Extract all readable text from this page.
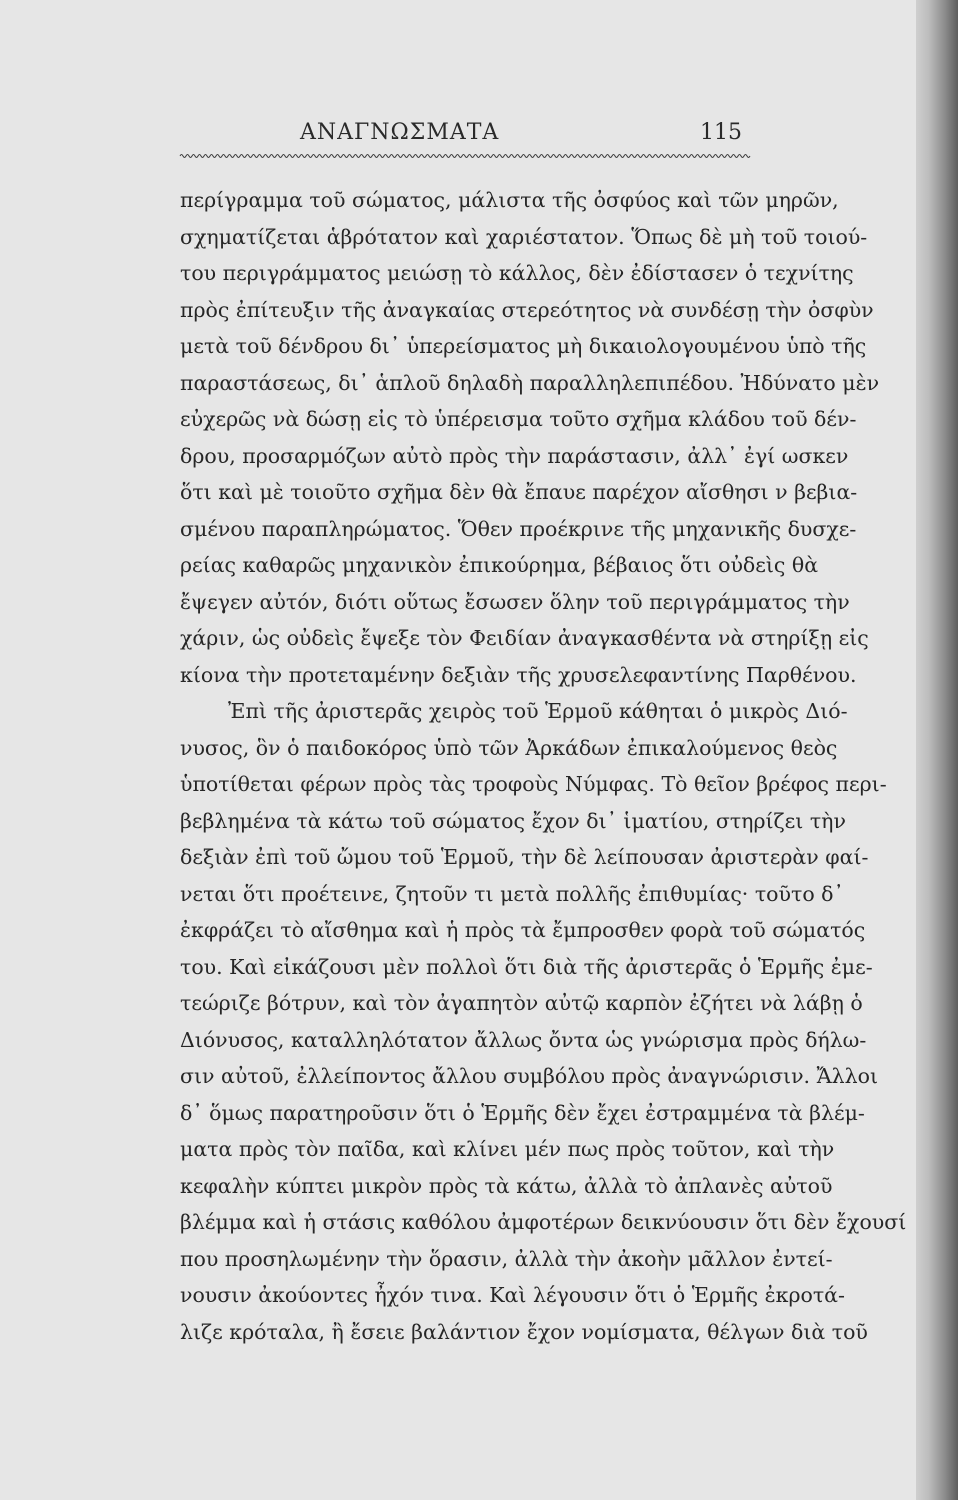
ΑΝΑΓΝΩΣΜΑΤΑ	115
περίγραμμα τοῦ σώματος, μάλιστα τῆς ὀσφύος καὶ τῶν μηρῶν,
σχηματίζεται ἁβρότατον καὶ χαριέστατον. Ὅπως δὲ μὴ τοῦ τοιού-
του περιγράμματος μειώσῃ τὸ κάλλος, δὲν ἐδίστασεν ὁ τεχνίτης
πρὸς ἐπίτευξιν τῆς ἀναγκαίας στερεότητος νὰ συνδέσῃ τὴν ὀσφὺν
μετὰ τοῦ δένδρου δι᾽ ὑπερείσματος μὴ δικαιολογουμένου ὑπὸ τῆς
παραστάσεως, δι᾽ ἁπλοῦ δηλαδὴ παραλληλεπιπέδου. Ἠδύνατο μὲν
εὐχερῶς νὰ δώσῃ εἰς τὸ ὑπέρεισμα τοῦτο σχῆμα κλάδου τοῦ δέν-
δρου, προσαρμόζων αὐτὸ πρὸς τὴν παράστασιν, ἀλλ᾽ ἐγί ωσκεν
ὅτι καὶ μὲ τοιοῦτο σχῆμα δὲν θὰ ἔπαυε παρέχον αἴσθησι ν βεβια-
σμένου παραπληρώματος. Ὅθεν προέκρινε τῆς μηχανικῆς δυσχε-
ρείας καθαρῶς μηχανικὸν ἐπικούρημα, βέβαιος ὅτι οὐδεὶς θὰ
ἔψεγεν αὐτόν, διότι οὕτως ἔσωσεν ὅλην τοῦ περιγράμματος τὴν
χάριν, ὡς οὐδεὶς ἔψεξε τὸν Φειδίαν ἀναγκασθέντα νὰ στηρίξῃ εἰς
κίονα τὴν προτεταμένην δεξιὰν τῆς χρυσελεφαντίνης Παρθένου.
Ἐπὶ τῆς ἀριστερᾶς χειρὸς τοῦ Ἑρμοῦ κάθηται ὁ μικρὸς Διό-
νυσος, ὃν ὁ παιδοκόρος ὑπὸ τῶν Ἀρκάδων ἐπικαλούμενος θεὸς
ὑποτίθεται φέρων πρὸς τὰς τροφοὺς Νύμφας. Τὸ θεῖον βρέφος περι-
βεβλημένα τὰ κάτω τοῦ σώματος ἔχον δι᾽ ἱματίου, στηρίζει τὴν
δεξιὰν ἐπὶ τοῦ ὤμου τοῦ Ἑρμοῦ, τὴν δὲ λείπουσαν ἀριστερὰν φαί-
νεται ὅτι προέτεινε, ζητοῦν τι μετὰ πολλῆς ἐπιθυμίας· τοῦτο δ᾽
ἐκφράζει τὸ αἴσθημα καὶ ἡ πρὸς τὰ ἔμπροσθεν φορὰ τοῦ σώματός
του. Καὶ εἰκάζουσι μὲν πολλοὶ ὅτι διὰ τῆς ἀριστερᾶς ὁ Ἑρμῆς ἐμε-
τεώριζε βότρυν, καὶ τὸν ἀγαπητὸν αὐτῷ καρπὸν ἐζήτει νὰ λάβῃ ὁ
Διόνυσος, καταλληλότατον ἄλλως ὄντα ὡς γνώρισμα πρὸς δήλω-
σιν αὐτοῦ, ἐλλείποντος ἄλλου συμβόλου πρὸς ἀναγνώρισιν. Ἄλλοι
δ᾽ ὅμως παρατηροῦσιν ὅτι ὁ Ἑρμῆς δὲν ἔχει ἐστραμμένα τὰ βλέμ-
ματα πρὸς τὸν παῖδα, καὶ κλίνει μέν πως πρὸς τοῦτον, καὶ τὴν
κεφαλὴν κύπτει μικρὸν πρὸς τὰ κάτω, ἀλλὰ τὸ ἀπλανὲς αὐτοῦ
βλέμμα καὶ ἡ στάσις καθόλου ἀμφοτέρων δεικνύουσιν ὅτι δὲν ἔχουσί
που προσηλωμένην τὴν ὅρασιν, ἀλλὰ τὴν ἀκοὴν μᾶλλον ἐντεί-
νουσιν ἀκούοντες ἦχόν τινα. Καὶ λέγουσιν ὅτι ὁ Ἑρμῆς ἐκροτά-
λιζε κρόταλα, ἢ ἔσειε βαλάντιον ἔχον νομίσματα, θέλγων διὰ τοῦ
